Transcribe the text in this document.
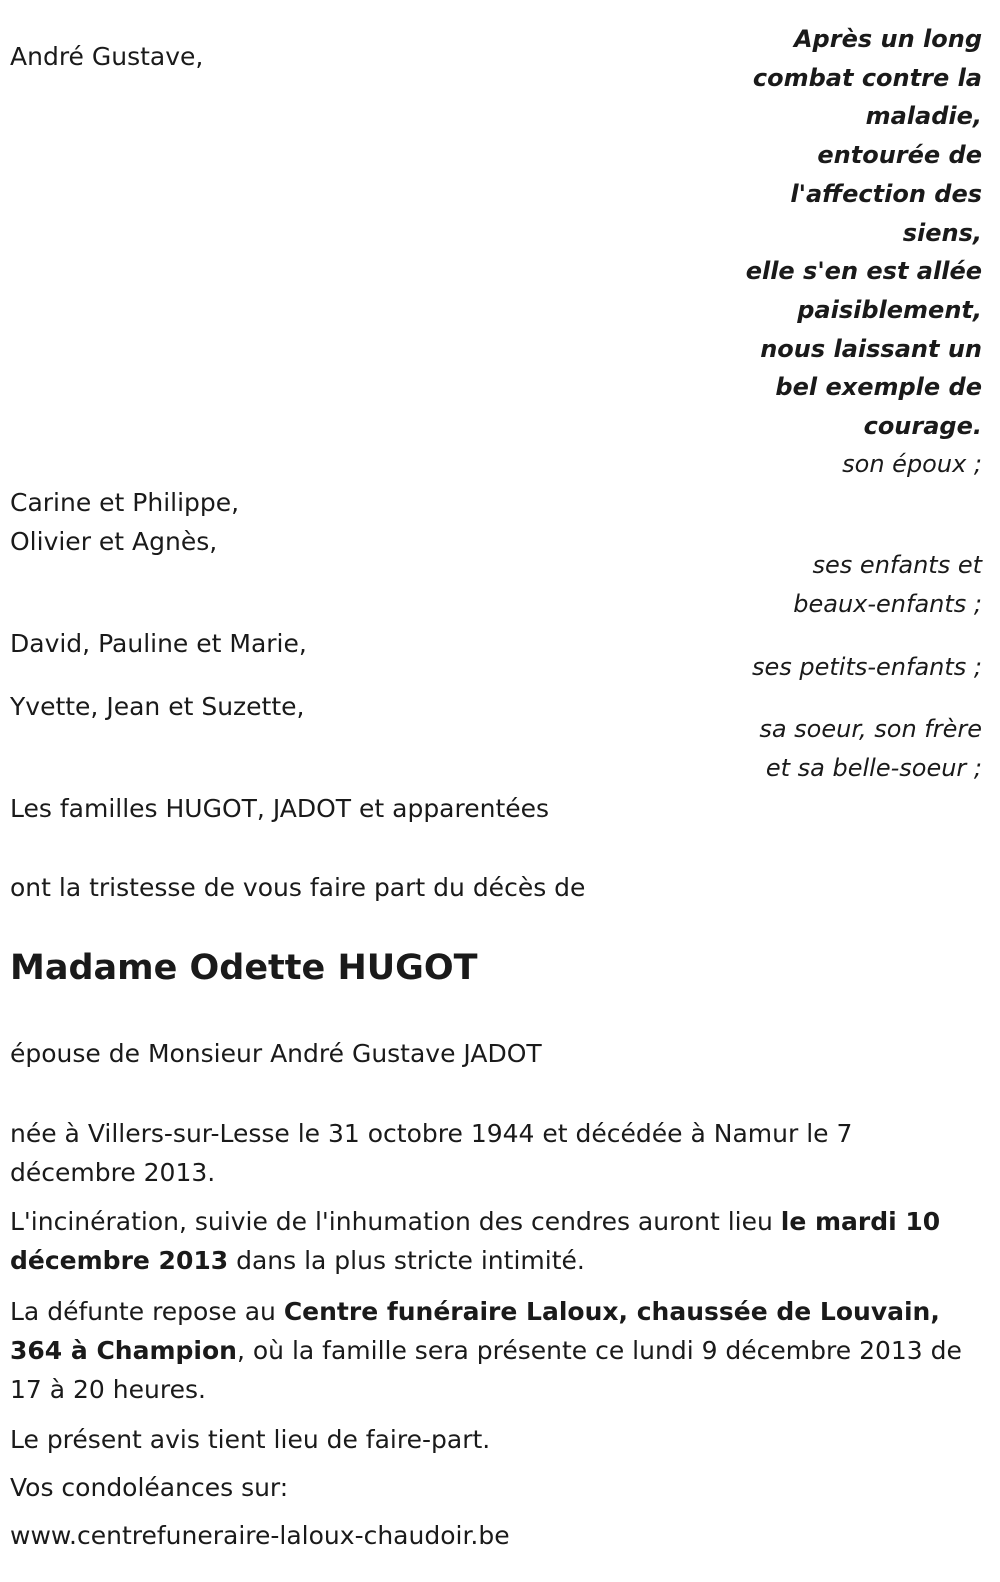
André Gustave,

Après un long
combat contre la
maladie,
entourée de
l'affection des
siens,
elle s'en est allée
paisiblement,
nous laissant un
bel exemple de
courage.

son époux ;

Carine et Philippe,

Olivier et Agnès,

ses enfants et
beaux-enfants ;

David, Pauline et Marie,

ses petits-enfants ;

Yvette, Jean et Suzette,

sa soeur, son frère
et sa belle-soeur ;

Les familles HUGOT, JADOT et apparentées

ont la tristesse de vous faire part du décès de

Madame Odette HUGOT

épouse de Monsieur André Gustave JADOT

née à Villers-sur-Lesse le 31 octobre 1944 et décédée à Namur le 7 décembre 2013.

L'incinération, suivie de l'inhumation des cendres auront lieu le mardi 10 décembre 2013 dans la plus stricte intimité.

La défunte repose au Centre funéraire Laloux, chaussée de Louvain, 364 à Champion, où la famille sera présente ce lundi 9 décembre 2013 de 17 à 20 heures.

Le présent avis tient lieu de faire-part.

Vos condoléances sur:

www.centrefuneraire-laloux-chaudoir.be
